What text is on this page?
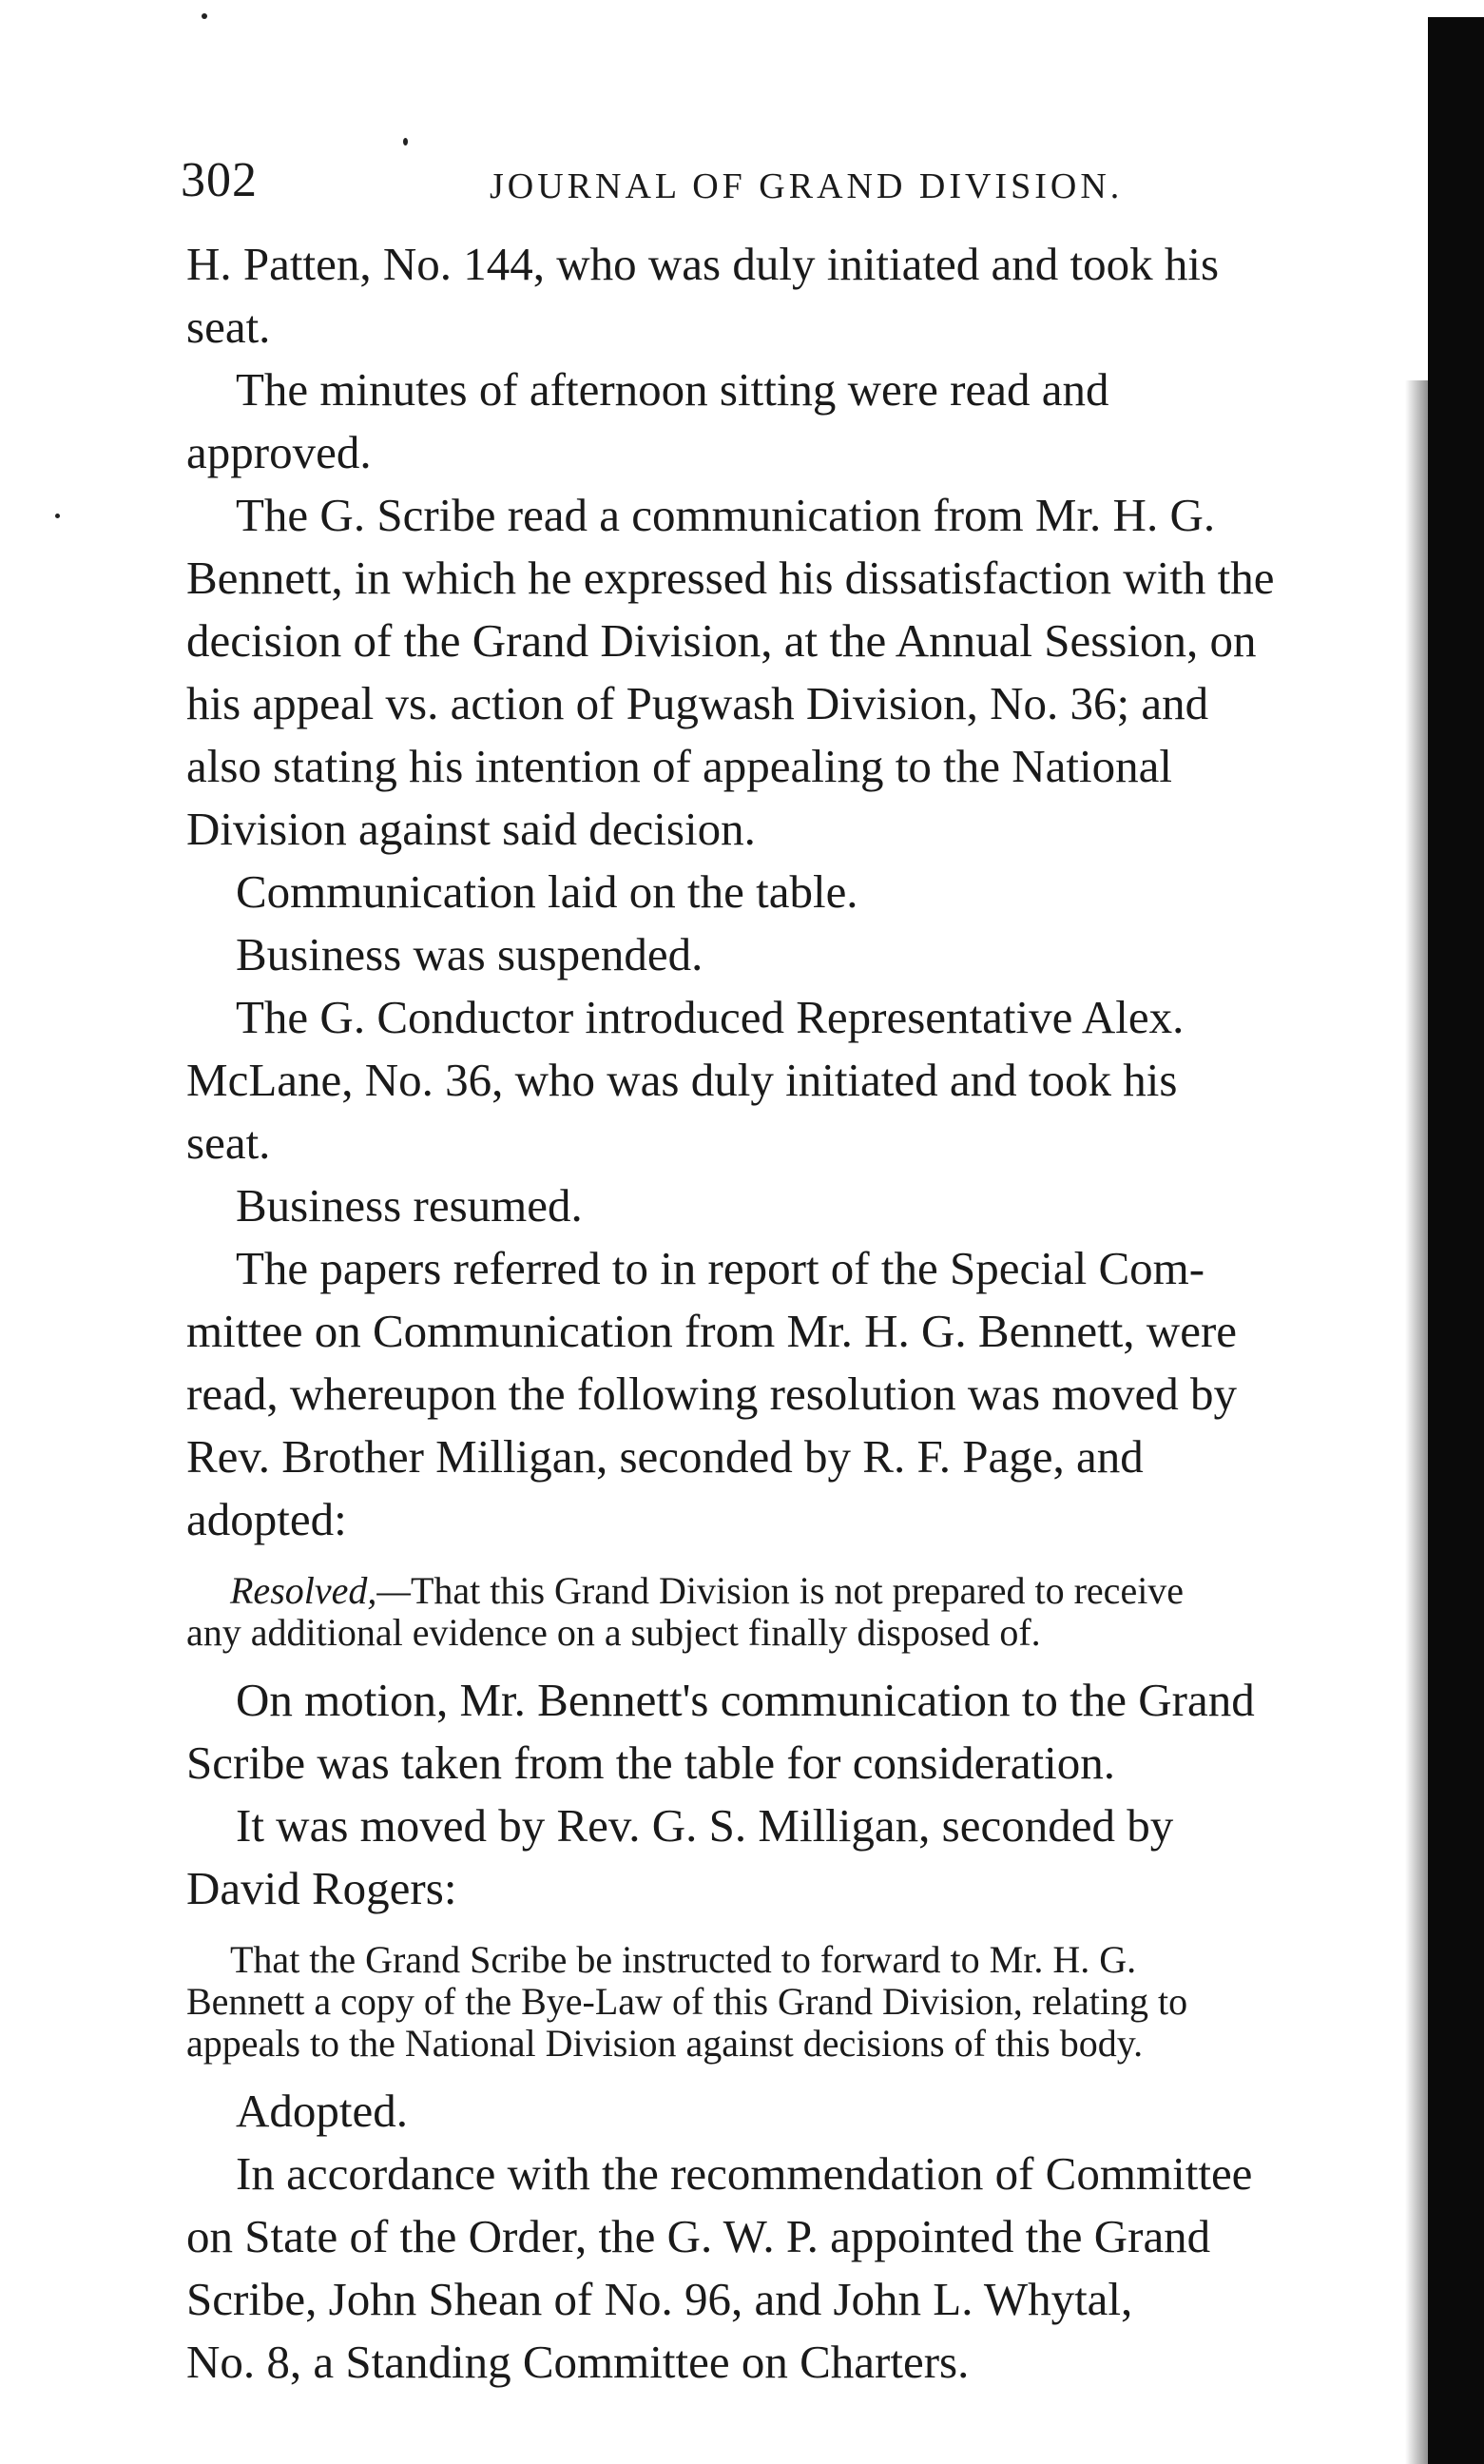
302	JOURNAL OF GRAND DIVISION.

H. Patten, No. 144, who was duly initiated and took his
seat.

The minutes of afternoon sitting were read and
approved.

The G. Scribe read a communication from Mr. H. G.
Bennett, in which he expressed his dissatisfaction with the
decision of the Grand Division, at the Annual Session, on
his appeal vs. action of Pugwash Division, No. 36; and
also stating his intention of appealing to the National
Division against said decision.

Communication laid on the table.

Business was suspended.

The G. Conductor introduced Representative Alex.
McLane, No. 36, who was duly initiated and took his
seat.

Business resumed.

The papers referred to in report of the Special Com-
mittee on Communication from Mr. H. G. Bennett, were
read, whereupon the following resolution was moved by
Rev. Brother Milligan, seconded by R. F. Page, and
adopted:

Resolved,—That this Grand Division is not prepared to receive
any additional evidence on a subject finally disposed of.

On motion, Mr. Bennett's communication to the Grand
Scribe was taken from the table for consideration.

It was moved by Rev. G. S. Milligan, seconded by
David Rogers:

That the Grand Scribe be instructed to forward to Mr. H. G.
Bennett a copy of the Bye-Law of this Grand Division, relating to
appeals to the National Division against decisions of this body.

Adopted.

In accordance with the recommendation of Committee
on State of the Order, the G. W. P. appointed the Grand
Scribe, John Shean of No. 96, and John L. Whytal,
No. 8, a Standing Committee on Charters.
